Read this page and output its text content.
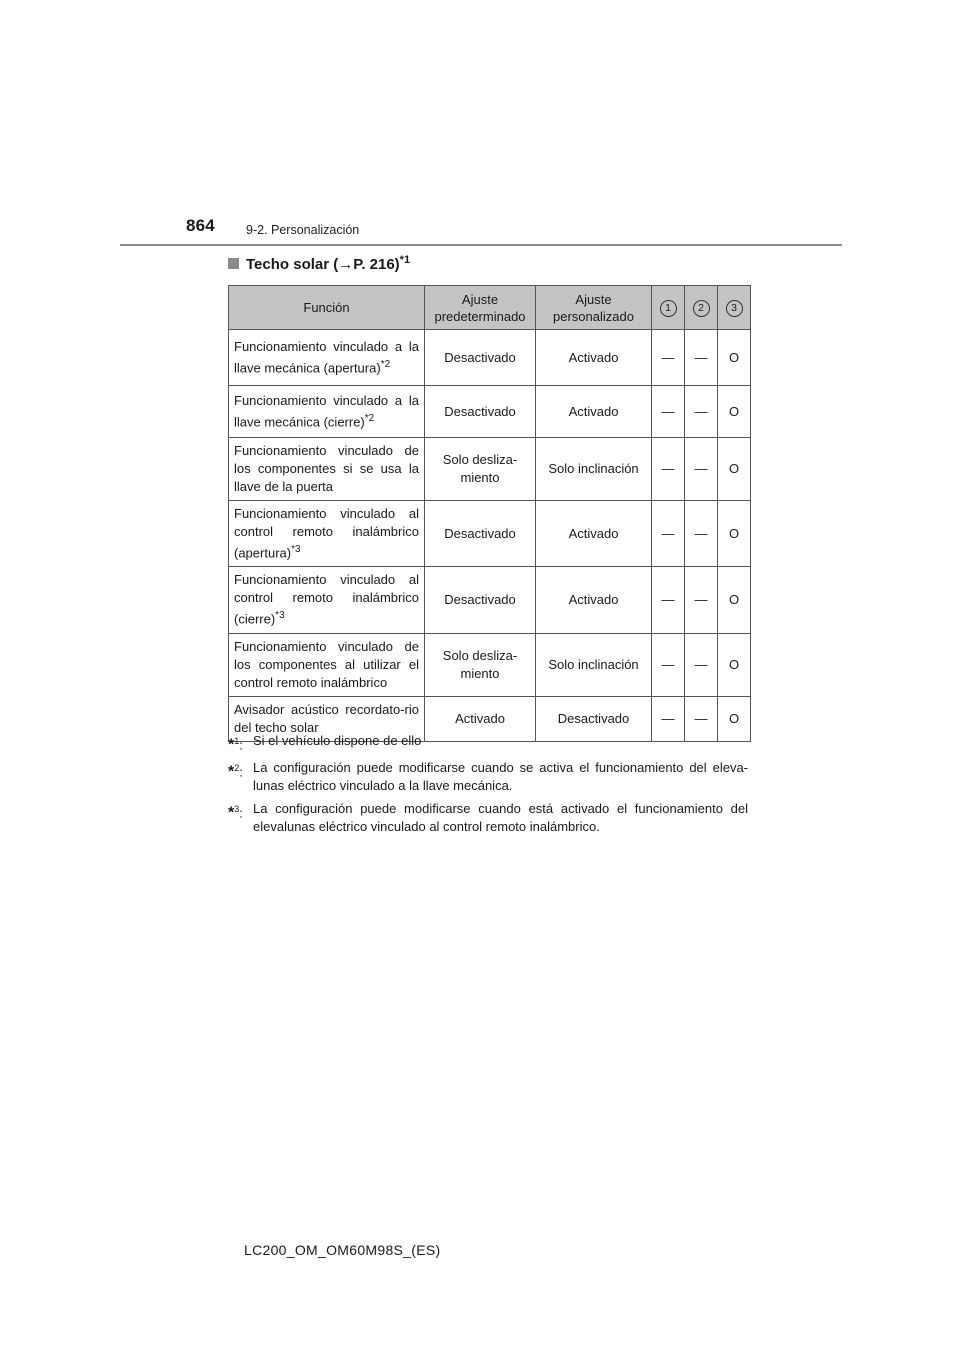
864 9-2. Personalización
Techo solar (→P. 216)$^{*1}$
Función	Ajuste predeterminado	Ajuste personalizado	1	2	3
Funcionamiento vinculado a la llave mecánica (apertura)$^{*2}$	Desactivado	Activado	—	—	O
Funcionamiento vinculado a la llave mecánica (cierre)$^{*2}$	Desactivado	Activado	—	—	O
Funcionamiento vinculado de los componentes si se usa la llave de la puerta	Solo desliza-miento	Solo inclinación	—	—	O
Funcionamiento vinculado al control remoto inalámbrico (apertura)$^{*3}$	Desactivado	Activado	—	—	O
Funcionamiento vinculado al control remoto inalámbrico (cierre)$^{*3}$	Desactivado	Activado	—	—	O
Funcionamiento vinculado de los componentes al utilizar el control remoto inalámbrico	Solo desliza-miento	Solo inclinación	—	—	O
Avisador acústico recordato-rio del techo solar	Activado	Desactivado	—	—	O
*$^1$: Si el vehículo dispone de ello
*$^2$: La configuración puede modificarse cuando se activa el funcionamiento del eleva-lunas eléctrico vinculado a la llave mecánica.
*$^3$: La configuración puede modificarse cuando está activado el funcionamiento del elevalunas eléctrico vinculado al control remoto inalámbrico.
LC200_OM_OM60M98S_(ES)
